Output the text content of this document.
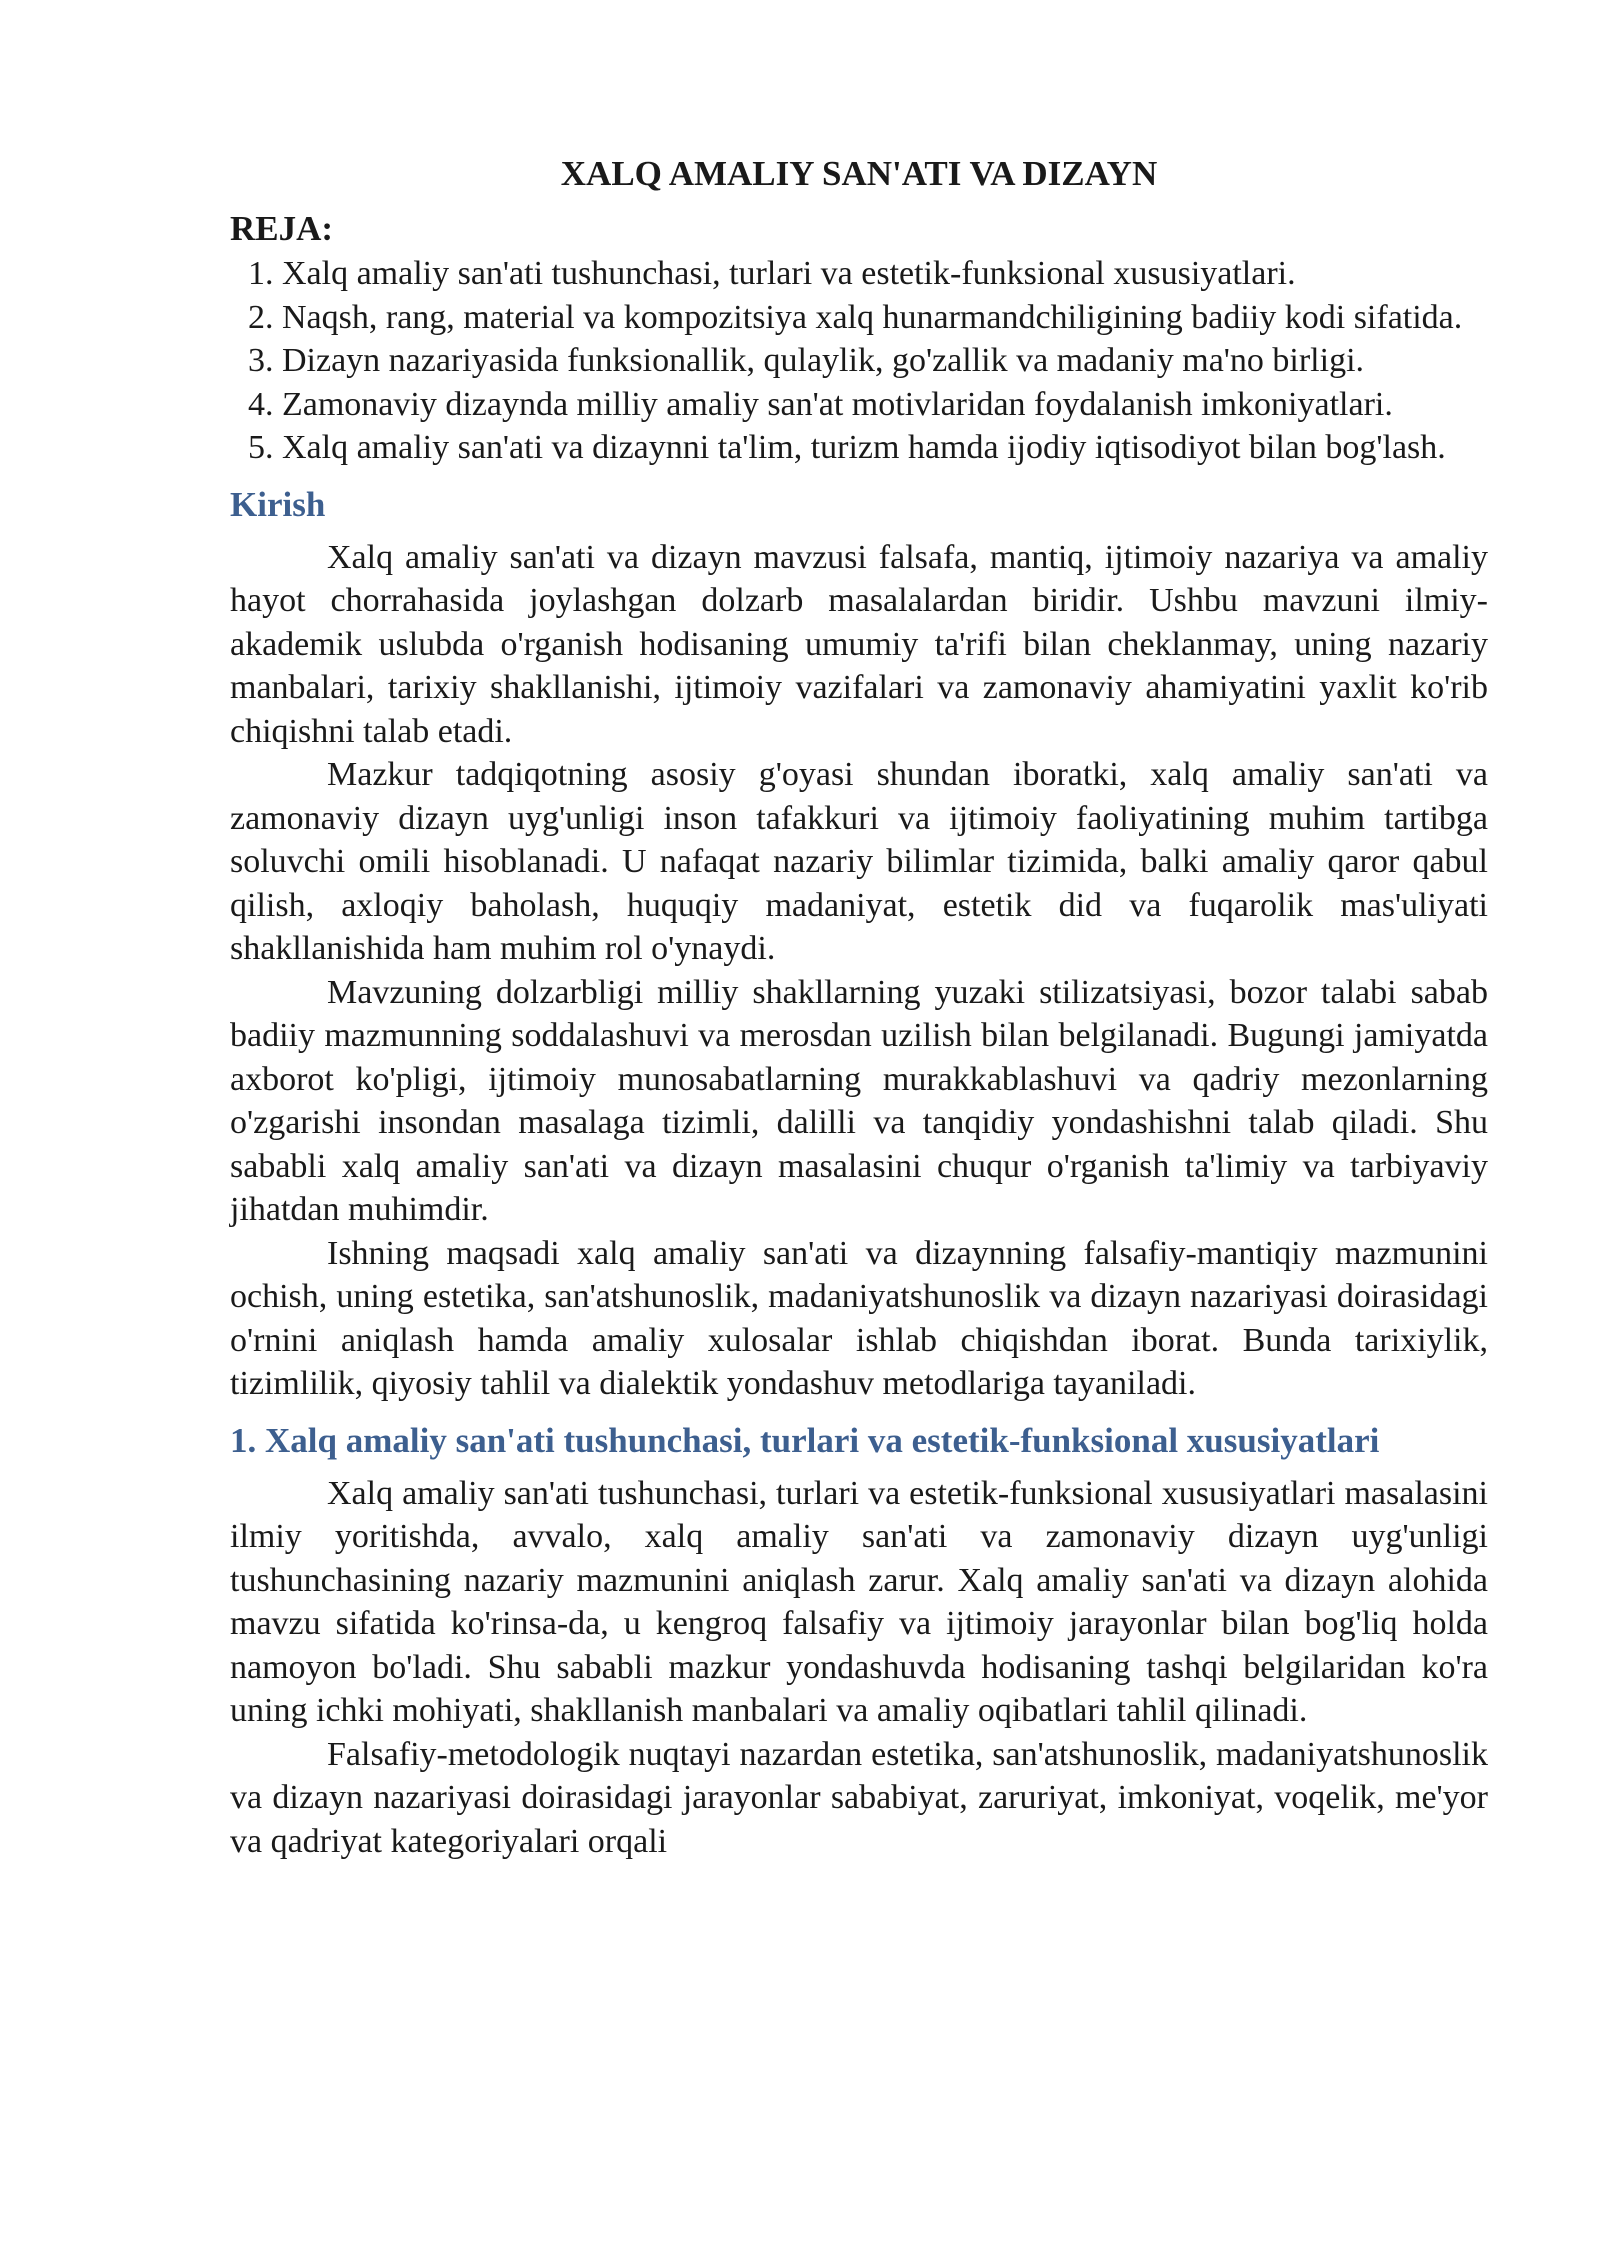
XALQ AMALIY SAN'ATI VA DIZAYN
REJA:
1. Xalq amaliy san'ati tushunchasi, turlari va estetik-funksional xususiyatlari.
2. Naqsh, rang, material va kompozitsiya xalq hunarmandchiligining badiiy kodi sifatida.
3. Dizayn nazariyasida funksionallik, qulaylik, go'zallik va madaniy ma'no birligi.
4. Zamonaviy dizaynda milliy amaliy san'at motivlaridan foydalanish imkoniyatlari.
5. Xalq amaliy san'ati va dizaynni ta'lim, turizm hamda ijodiy iqtisodiyot bilan bog'lash.
Kirish

Xalq amaliy san'ati va dizayn mavzusi falsafa, mantiq, ijtimoiy nazariya va amaliy hayot chorrahasida joylashgan dolzarb masalalardan biridir. Ushbu mavzuni ilmiy-akademik uslubda o'rganish hodisaning umumiy ta'rifi bilan cheklanmay, uning nazariy manbalari, tarixiy shakllanishi, ijtimoiy vazifalari va zamonaviy ahamiyatini yaxlit ko'rib chiqishni talab etadi.

Mazkur tadqiqotning asosiy g'oyasi shundan iboratki, xalq amaliy san'ati va zamonaviy dizayn uyg'unligi inson tafakkuri va ijtimoiy faoliyatining muhim tartibga soluvchi omili hisoblanadi. U nafaqat nazariy bilimlar tizimida, balki amaliy qaror qabul qilish, axloqiy baholash, huquqiy madaniyat, estetik did va fuqarolik mas'uliyati shakllanishida ham muhim rol o'ynaydi.

Mavzuning dolzarbligi milliy shakllarning yuzaki stilizatsiyasi, bozor talabi sabab badiiy mazmunning soddalashuvi va merosdan uzilish bilan belgilanadi. Bugungi jamiyatda axborot ko'pligi, ijtimoiy munosabatlarning murakkablashuvi va qadriy mezonlarning o'zgarishi insondan masalaga tizimli, dalilli va tanqidiy yondashishni talab qiladi. Shu sababli xalq amaliy san'ati va dizayn masalasini chuqur o'rganish ta'limiy va tarbiyaviy jihatdan muhimdir.

Ishning maqsadi xalq amaliy san'ati va dizaynning falsafiy-mantiqiy mazmunini ochish, uning estetika, san'atshunoslik, madaniyatshunoslik va dizayn nazariyasi doirasidagi o'rnini aniqlash hamda amaliy xulosalar ishlab chiqishdan iborat. Bunda tarixiylik, tizimlilik, qiyosiy tahlil va dialektik yondashuv metodlariga tayaniladi.

1. Xalq amaliy san'ati tushunchasi, turlari va estetik-funksional xususiyatlari

Xalq amaliy san'ati tushunchasi, turlari va estetik-funksional xususiyatlari masalasini ilmiy yoritishda, avvalo, xalq amaliy san'ati va zamonaviy dizayn uyg'unligi tushunchasining nazariy mazmunini aniqlash zarur. Xalq amaliy san'ati va dizayn alohida mavzu sifatida ko'rinsa-da, u kengroq falsafiy va ijtimoiy jarayonlar bilan bog'liq holda namoyon bo'ladi. Shu sababli mazkur yondashuvda hodisaning tashqi belgilaridan ko'ra uning ichki mohiyati, shakllanish manbalari va amaliy oqibatlari tahlil qilinadi.

Falsafiy-metodologik nuqtayi nazardan estetika, san'atshunoslik, madaniyatshunoslik va dizayn nazariyasi doirasidagi jarayonlar sababiyat, zaruriyat, imkoniyat, voqelik, me'yor va qadriyat kategoriyalari orqali
